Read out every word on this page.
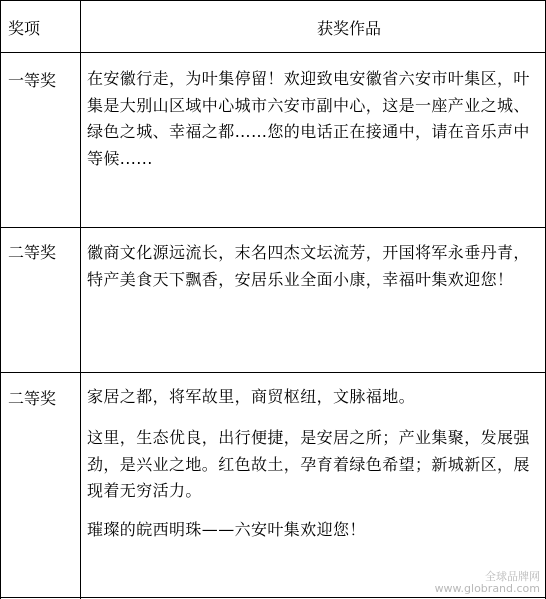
奖项	获奖作品
一等奖 在安徽行走，为叶集停留！欢迎致电安徽省六安市叶集区，叶集是大别山区域中心城市六安市副中心，这是一座产业之城、绿色之城、幸福之都……您的电话正在接通中，请在音乐声中等候......
二等奖 徽商文化源远流长，末名四杰文坛流芳，开国将军永垂丹青，特产美食天下飘香，安居乐业全面小康，幸福叶集欢迎您！
二等奖 家居之都，将军故里，商贸枢纽，文脉福地。
这里，生态优良，出行便捷，是安居之所；产业集聚，发展强劲，是兴业之地。红色故土，孕育着绿色希望；新城新区，展现着无穷活力。
璀璨的皖西明珠——六安叶集欢迎您！
全球品牌网
www.globrand.com
